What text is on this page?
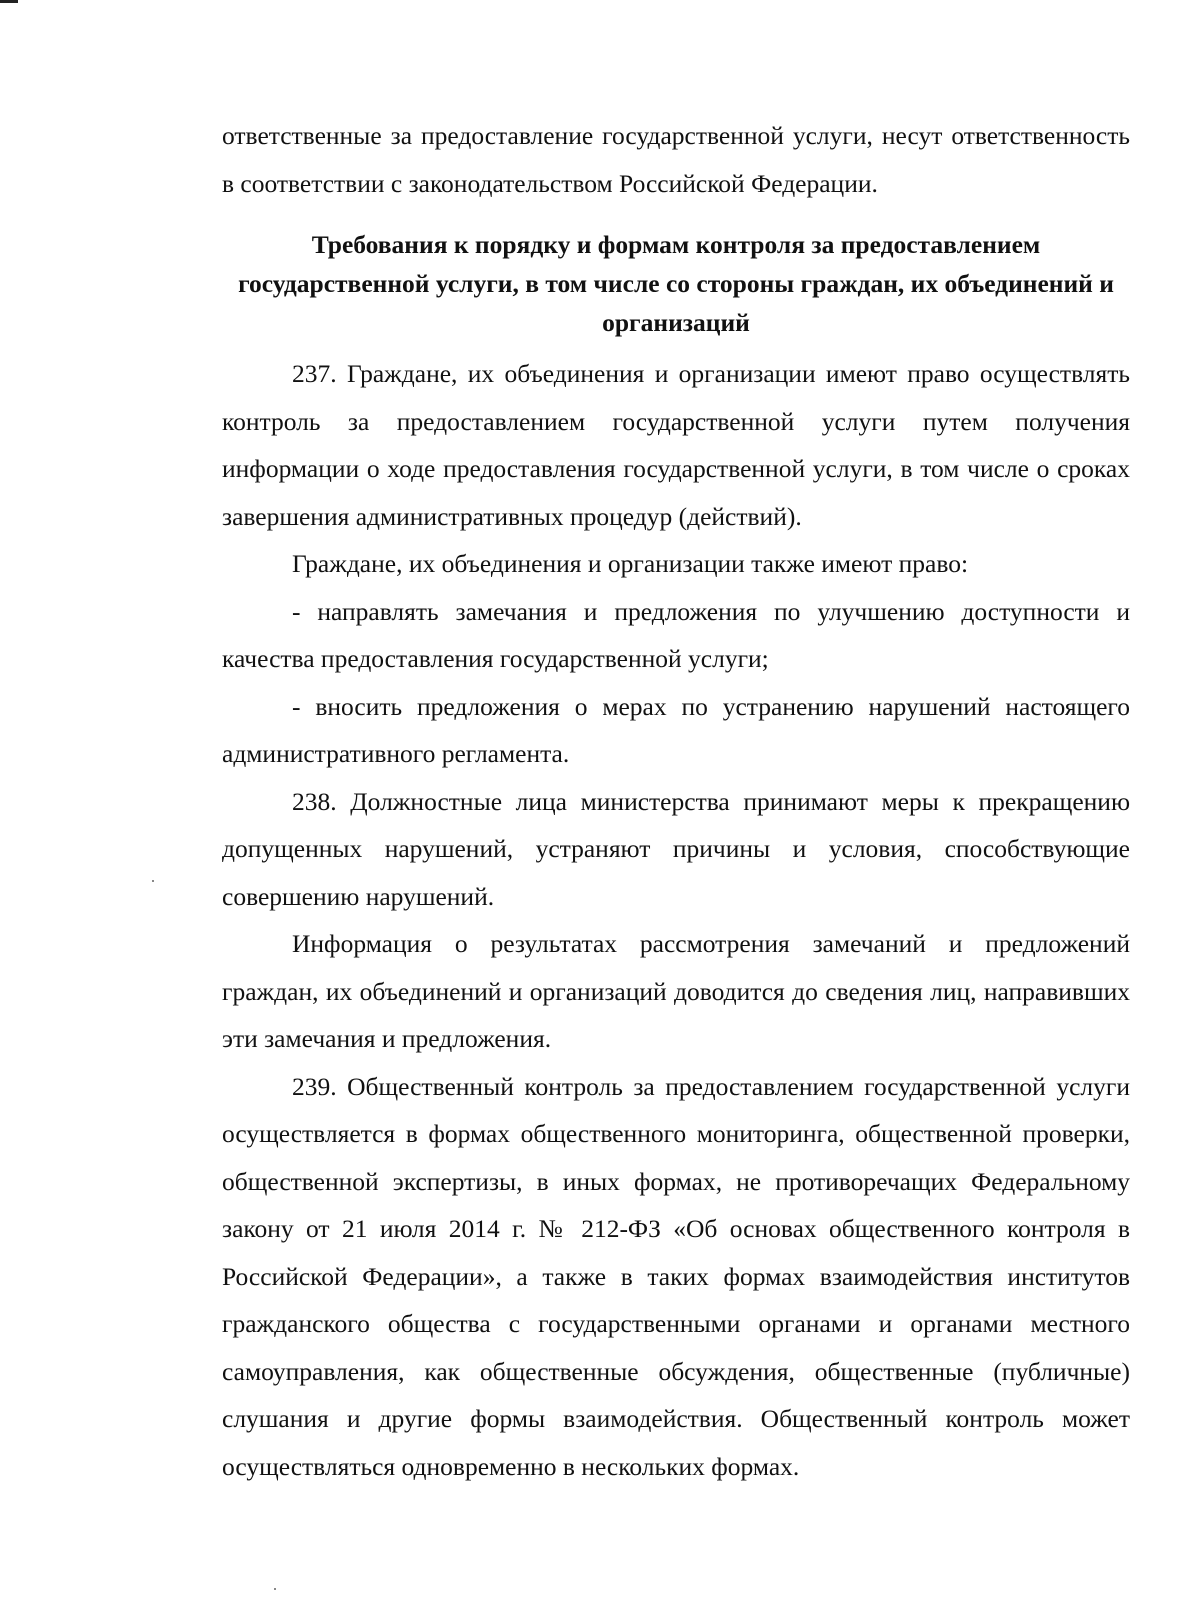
ответственные за предоставление государственной услуги, несут ответственность в соответствии с законодательством Российской Федерации.

Требования к порядку и формам контроля за предоставлением государственной услуги, в том числе со стороны граждан, их объединений и организаций

237. Граждане, их объединения и организации имеют право осуществлять контроль за предоставлением государственной услуги путем получения информации о ходе предоставления государственной услуги, в том числе о сроках завершения административных процедур (действий).

Граждане, их объединения и организации также имеют право:

- направлять замечания и предложения по улучшению доступности и качества предоставления государственной услуги;

- вносить предложения о мерах по устранению нарушений настоящего административного регламента.

238. Должностные лица министерства принимают меры к прекращению допущенных нарушений, устраняют причины и условия, способствующие совершению нарушений.

Информация о результатах рассмотрения замечаний и предложений граждан, их объединений и организаций доводится до сведения лиц, направивших эти замечания и предложения.

239. Общественный контроль за предоставлением государственной услуги осуществляется в формах общественного мониторинга, общественной проверки, общественной экспертизы, в иных формах, не противоречащих Федеральному закону от 21 июля 2014 г. № 212-ФЗ «Об основах общественного контроля в Российской Федерации», а также в таких формах взаимодействия институтов гражданского общества с государственными органами и органами местного самоуправления, как общественные обсуждения, общественные (публичные) слушания и другие формы взаимодействия. Общественный контроль может осуществляться одновременно в нескольких формах.
